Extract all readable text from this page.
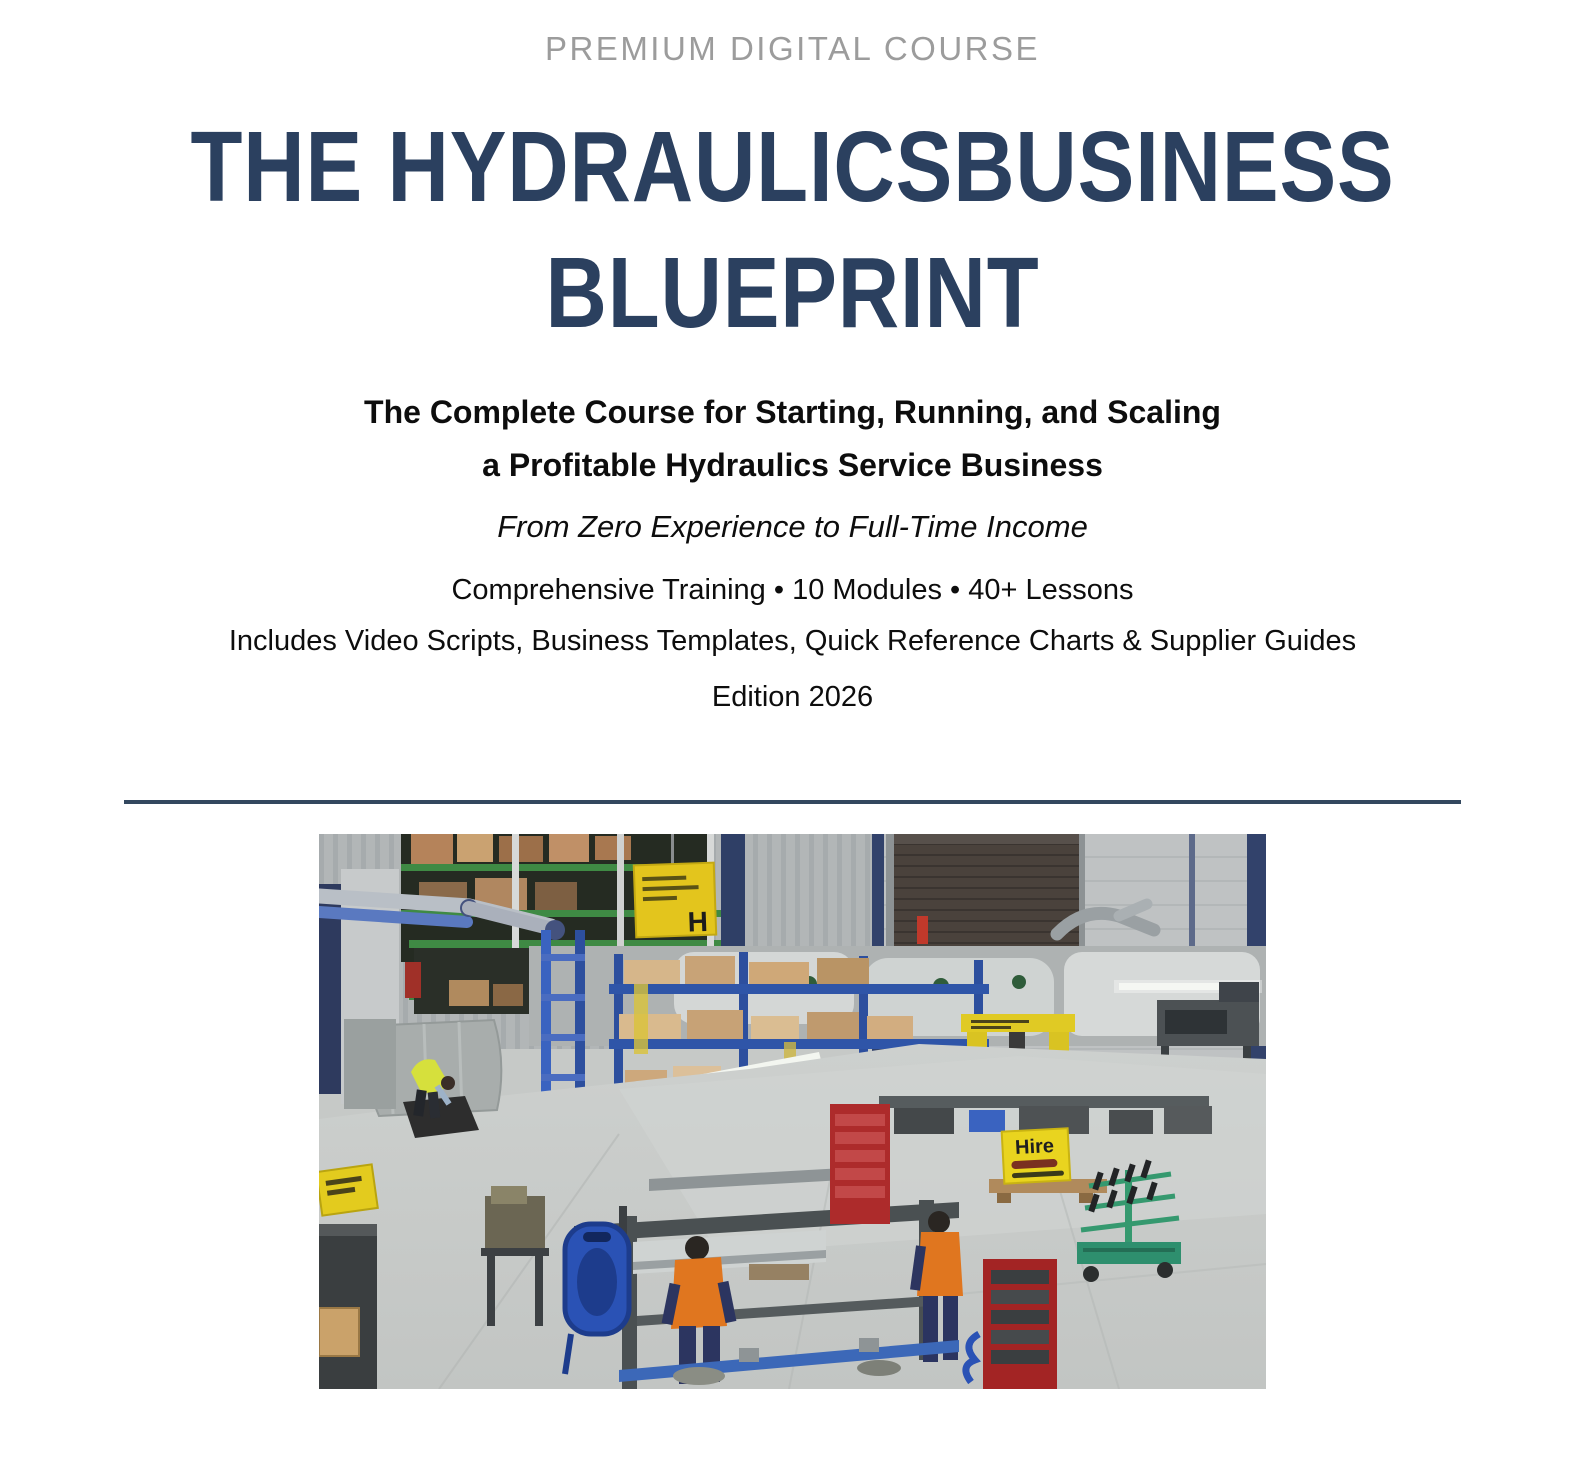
PREMIUM DIGITAL COURSE
THE HYDRAULICSBUSINESS
BLUEPRINT
The Complete Course for Starting, Running, and Scaling
a Profitable Hydraulics Service Business
From Zero Experience to Full-Time Income

Comprehensive Training • 10 Modules • 40+ Lessons

Includes Video Scripts, Business Templates, Quick Reference Charts & Supplier Guides

Edition 2026
H
Hire
